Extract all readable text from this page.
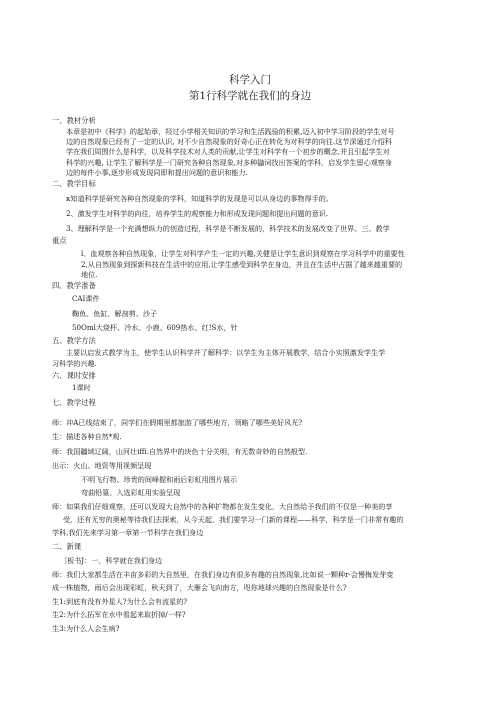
科学入门
第1行科学就在我们的身边
一、教材分析
本章是初中《科学》的起始章，羟过小学相关知识的学习和生活践验的积累,迈入初中学习阶段的学生对号
边的自然现象已经有了一定的认识, 对不少自然现象的好奇心正在转化为对科学的向往.这节深通过介绍科
学在我们周围什么是科学，以及科学技术对人类的贡献,让学生对科学有一个初步的概念,并且引起学生对
科学的兴趣, 让学生了解科学是一门研究各种自然现象,对多种鼬词找出答案的学科，启发学生留心观察身
边的每件小事,逐步形成发现同即和提出问题的意识和能力.
二、教学目标
κ知道科学是研究各种自然现象的学科，知道科学的发现是可以从身边的事物得手的。
2、激发学生对科学的向往，培养学生的观察能力和形成发现问题和提出问题的意识.
3、理解科学是一个充满想纵力的创造过程，科学是不断发展的，科学技术的发展改变了世界。三、教学
重点
l、血观察各种自然现象，让学生对科学产生一定的兴趣,关健是让学生意识到观察在学习科学中的重要性
2,从自然现象到探新科技在生活中的应用,让学生感受到科学在身边，并且在生活中占据了越来越重要的
地位.
四、教学准备
CAI课件
鞠鱼、鱼缸、解剖剪、沙子
50Oml大烧杯、冷水、小鹿、609热水、红!S水，针
五、教学方法
主要以启发式教学为主，使学生认识科学并了解科学：以学生为主体开展教学，结合小实照激发学生学
习科学的兴趣.
六、课时安排
1课时
七、教学过程
师：冲A已线结束了，同学们在假期里都旅游了哪些地方，领略了哪些美好风光?
生：描述各种自然*观.
师：我国疆域辽阔，山河壮iffi.自然界中的块色十分关明，有无数奇妙的自然般型.
出示：火山、地资等用视频呈现
不明飞行物、珍贵的间峰握和雨后彩虹用图片展示
弯曲铅篁、入选彩虹用实验呈现
师：如果我们仔细观察，还可以发现大自然中的各种扩物都在发生变化，大自然给予我们的不仅是一种美的享
受，还有无穷的奥秘等待我们去探索，从今天起，我们要学习一门新的课程——科学，科学是一门非常有趣的
学科,我们先来学习第一章第一节科学在我们身边
二、新课
［板书J：一、科学就在我们身边
师：我们大家都生活在丰亩多彩的大自然里，在我们身边有很多有趣的自然现象,比如说一颗种r·会慢梅发芽变
成一株植物，雨后会出现彩虹，秋天到了，大雁会飞向南方，咫你地球兴趣的白然现象是什么?
生1:到底有没有外星人?为什么会有流星的?
生2:为什么拓军在水中看起来取折掉/一样?
生3:为什么人会生病?
